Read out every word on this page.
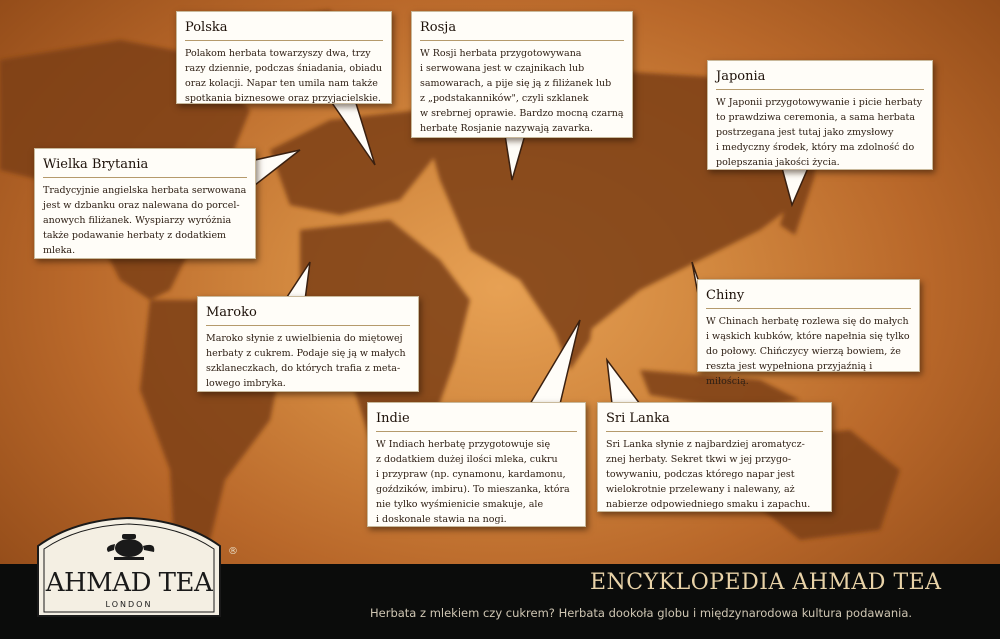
Polska

Polakom herbata towarzyszy dwa, trzy
razy dziennie, podczas śniadania, obiadu
oraz kolacji. Napar ten umila nam także
spotkania biznesowe oraz przyjacielskie.

Rosja

W Rosji herbata przygotowywana
i serwowana jest w czajnikach lub
samowarach, a pije się ją z filiżanek lub
z „podstakanników", czyli szklanek
w srebrnej oprawie. Bardzo mocną czarną
herbatę Rosjanie nazywają zavarka.

Japonia

W Japonii przygotowywanie i picie herbaty
to prawdziwa ceremonia, a sama herbata
postrzegana jest tutaj jako zmysłowy
i medyczny środek, który ma zdolność do
polepszania jakości życia.

Wielka Brytania

Tradycyjnie angielska herbata serwowana
jest w dzbanku oraz nalewana do porcel-
anowych filiżanek. Wyspiarzy wyróżnia
także podawanie herbaty z dodatkiem
mleka.

Chiny

W Chinach herbatę rozlewa się do małych
i wąskich kubków, które napełnia się tylko
do połowy. Chińczycy wierzą bowiem, że
reszta jest wypełniona przyjaźnią i miłością.

Maroko

Maroko słynie z uwielbienia do miętowej
herbaty z cukrem. Podaje się ją w małych
szklaneczkach, do których trafia z meta-
lowego imbryka.

Indie

W Indiach herbatę przygotowuje się
z dodatkiem dużej ilości mleka, cukru
i przypraw (np. cynamonu, kardamonu,
goździków, imbiru). To mieszanka, która
nie tylko wyśmienicie smakuje, ale
i doskonale stawia na nogi.

Sri Lanka

Sri Lanka słynie z najbardziej aromatycz-
znej herbaty. Sekret tkwi w jej przygo-
towywaniu, podczas którego napar jest
wielokrotnie przelewany i nalewany, aż
nabierze odpowiedniego smaku i zapachu.

ENCYKLOPEDIA AHMAD TEA
Herbata z mlekiem czy cukrem? Herbata dookoła globu i międzynarodowa kultura podawania.
AHMAD TEA
LONDON
®
